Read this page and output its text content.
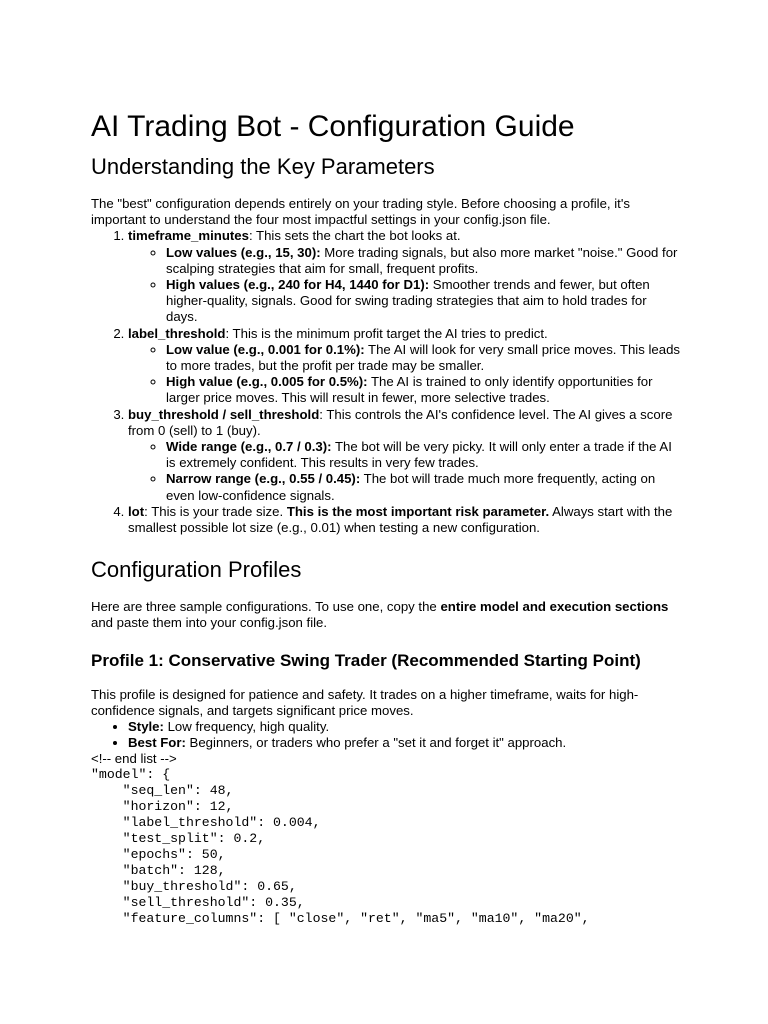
AI Trading Bot - Configuration Guide
Understanding the Key Parameters

The "best" configuration depends entirely on your trading style. Before choosing a profile, it's important to understand the four most impactful settings in your config.json file.

1. timeframe_minutes: This sets the chart the bot looks at.
◦ Low values (e.g., 15, 30): More trading signals, but also more market "noise." Good for scalping strategies that aim for small, frequent profits.
◦ High values (e.g., 240 for H4, 1440 for D1): Smoother trends and fewer, but often higher-quality, signals. Good for swing trading strategies that aim to hold trades for days.
2. label_threshold: This is the minimum profit target the AI tries to predict.
◦ Low value (e.g., 0.001 for 0.1%): The AI will look for very small price moves. This leads to more trades, but the profit per trade may be smaller.
◦ High value (e.g., 0.005 for 0.5%): The AI is trained to only identify opportunities for larger price moves. This will result in fewer, more selective trades.
3. buy_threshold / sell_threshold: This controls the AI's confidence level. The AI gives a score from 0 (sell) to 1 (buy).
◦ Wide range (e.g., 0.7 / 0.3): The bot will be very picky. It will only enter a trade if the AI is extremely confident. This results in very few trades.
◦ Narrow range (e.g., 0.55 / 0.45): The bot will trade much more frequently, acting on even low-confidence signals.
4. lot: This is your trade size. This is the most important risk parameter. Always start with the smallest possible lot size (e.g., 0.01) when testing a new configuration.
Configuration Profiles

Here are three sample configurations. To use one, copy the entire model and execution sections and paste them into your config.json file.

Profile 1: Conservative Swing Trader (Recommended Starting Point)

This profile is designed for patience and safety. It trades on a higher timeframe, waits for high-confidence signals, and targets significant price moves.

• Style: Low frequency, high quality.
• Best For: Beginners, or traders who prefer a "set it and forget it" approach.
<!-- end list -->
"model": {
"seq_len": 48,
"horizon": 12,
"label_threshold": 0.004,
"test_split": 0.2,
"epochs": 50,
"batch": 128,
"buy_threshold": 0.65,
"sell_threshold": 0.35,
"feature_columns": [ "close", "ret", "ma5", "ma10", "ma20",
